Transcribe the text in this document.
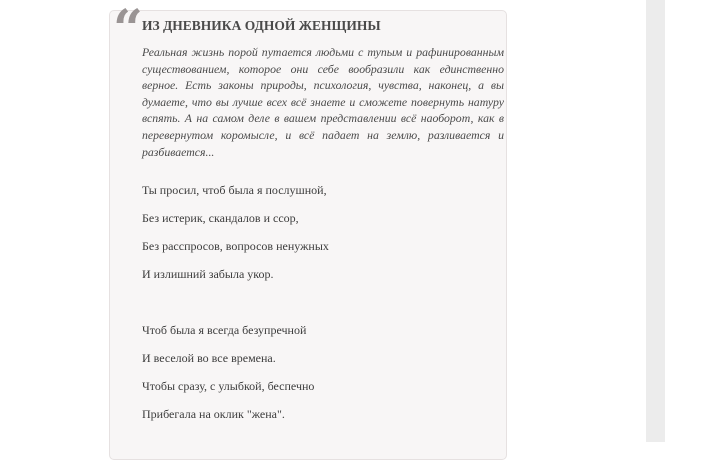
“ ИЗ ДНЕВНИКА ОДНОЙ ЖЕНЩИНЫ

Реальная жизнь порой путается людьми с тупым и рафинированным существованием, которое они себе вообразили как единственно верное. Есть законы природы, психология, чувства, наконец, а вы думаете, что вы лучше всех всё знаете и сможете повернуть натуру вспять. А на самом деле в вашем представлении всё наоборот, как в перевернутом коромысле, и всё падает на землю, разливается и разбивается...

Ты просил, чтоб была я послушной,
Без истерик, скандалов и ссор,
Без расспросов, вопросов ненужных
И излишний забыла укор.
Чтоб была я всегда безупречной
И веселой во все времена.
Чтобы сразу, с улыбкой, беспечно
Прибегала на оклик "жена".
